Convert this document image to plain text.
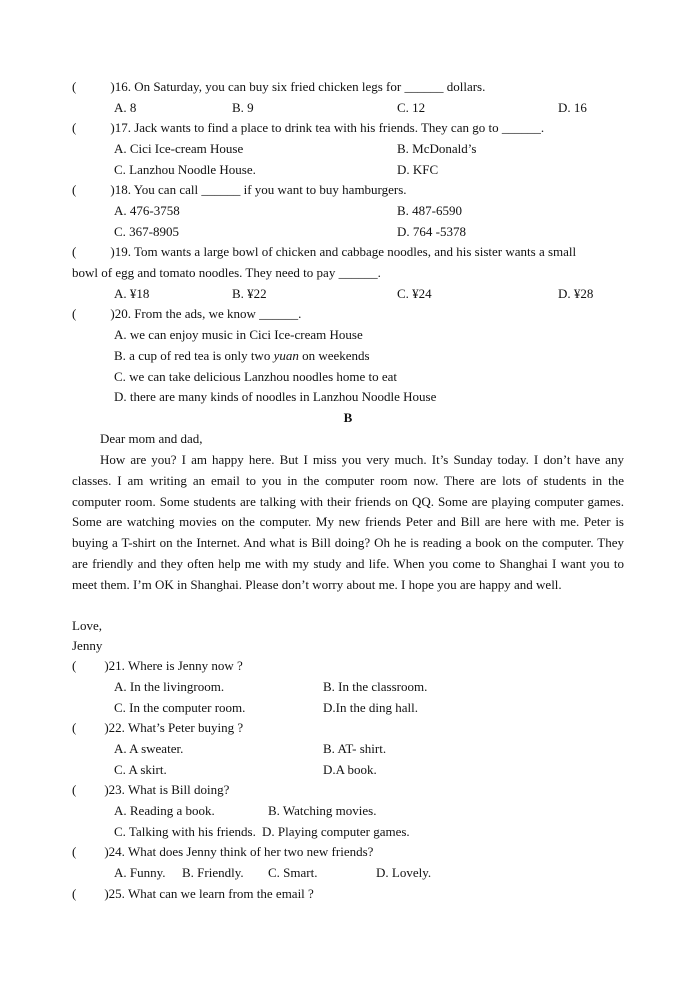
(	)16. On Saturday, you can buy six fried chicken legs for ______ dollars.
A. 8	B. 9	C. 12	D. 16
(	)17. Jack wants to find a place to drink tea with his friends. They can go to ______.
A. Cici Ice-cream House	B. McDonald’s
C. Lanzhou Noodle House.	D. KFC
(	)18. You can call ______ if you want to buy hamburgers.
A. 476-3758	B. 487-6590
C. 367-8905	D. 764 -5378
(	)19. Tom wants a large bowl of chicken and cabbage noodles, and his sister wants a small
bowl of egg and tomato noodles. They need to pay ______.
A. ¥18	B. ¥22	C. ¥24	D. ¥28
(	)20. From the ads, we know ______.
A. we can enjoy music in Cici Ice-cream House
B. a cup of red tea is only two yuan on weekends
C. we can take delicious Lanzhou noodles home to eat
D. there are many kinds of noodles in Lanzhou Noodle House
B
Dear mom and dad,

How are you? I am happy here. But I miss you very much. It’s Sunday today. I don’t have any classes. I am writing an email to you in the computer room now. There are lots of students in the computer room. Some students are talking with their friends on QQ. Some are playing computer games. Some are watching movies on the computer. My new friends Peter and Bill are here with me. Peter is buying a T-shirt on the Internet. And what is Bill doing? Oh he is reading a book on the computer. They are friendly and they often help me with my study and life. When you come to Shanghai I want you to meet them. I’m OK in Shanghai. Please don’t worry about me. I hope you are happy and well.

Love,
Jenny
( )21. Where is Jenny now ?
A. In the livingroom.	B. In the classroom.
C. In the computer room.	D.In the ding hall.
( )22. What’s Peter buying ?
A. A sweater.	B. AT- shirt.
C. A skirt.	D.A book.
( )23. What is Bill doing?
A. Reading a book.	B. Watching movies.
C. Talking with his friends. D. Playing computer games.
( )24. What does Jenny think of her two new friends?
A. Funny. B. Friendly. C. Smart.	D. Lovely.
( )25. What can we learn from the email ?
